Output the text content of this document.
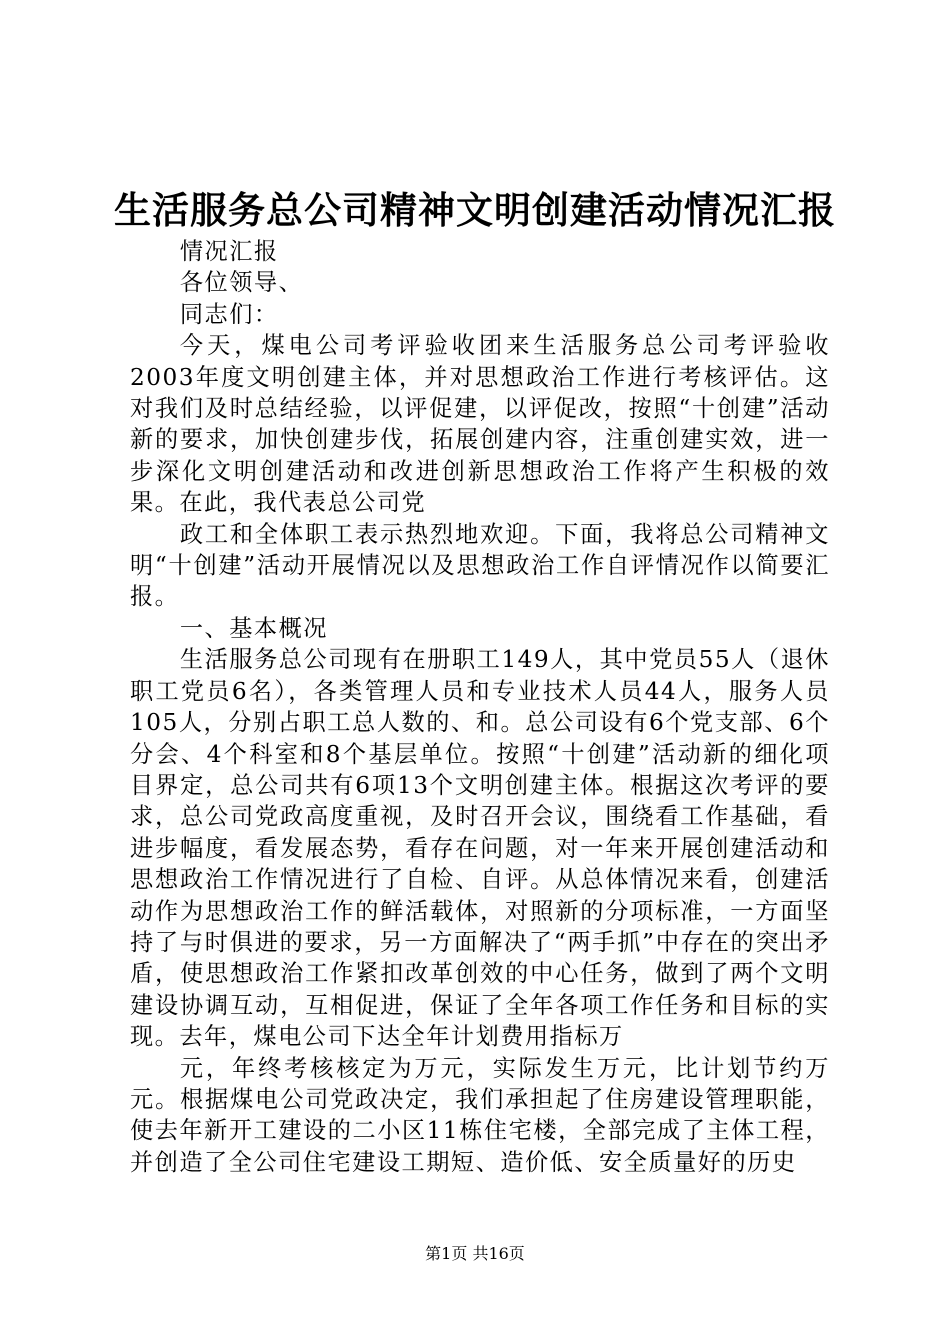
生活服务总公司精神文明创建活动情况汇报

情况汇报

各位领导、

同志们：

今天，煤电公司考评验收团来生活服务总公司考评验收2003年度文明创建主体，并对思想政治工作进行考核评估。这对我们及时总结经验，以评促建，以评促改，按照“十创建”活动新的要求，加快创建步伐，拓展创建内容，注重创建实效，进一步深化文明创建活动和改进创新思想政治工作将产生积极的效果。在此，我代表总公司党

政工和全体职工表示热烈地欢迎。下面，我将总公司精神文明“十创建”活动开展情况以及思想政治工作自评情况作以简要汇报。

一、基本概况

生活服务总公司现有在册职工149人，其中党员55人（退休职工党员6名），各类管理人员和专业技术人员44人，服务人员105人，分别占职工总人数的、和。总公司设有6个党支部、6个分会、4个科室和8个基层单位。按照“十创建”活动新的细化项目界定，总公司共有6项13个文明创建主体。根据这次考评的要求，总公司党政高度重视，及时召开会议，围绕看工作基础，看进步幅度，看发展态势，看存在问题，对一年来开展创建活动和思想政治工作情况进行了自检、自评。从总体情况来看，创建活动作为思想政治工作的鲜活载体，对照新的分项标准，一方面坚持了与时俱进的要求，另一方面解决了“两手抓”中存在的突出矛盾，使思想政治工作紧扣改革创效的中心任务，做到了两个文明建设协调互动，互相促进，保证了全年各项工作任务和目标的实现。去年，煤电公司下达全年计划费用指标万

元，年终考核核定为万元，实际发生万元，比计划节约万元。根据煤电公司党政决定，我们承担起了住房建设管理职能，使去年新开工建设的二小区11栋住宅楼，全部完成了主体工程，并创造了全公司住宅建设工期短、造价低、安全质量好的历史

第1页 共16页
